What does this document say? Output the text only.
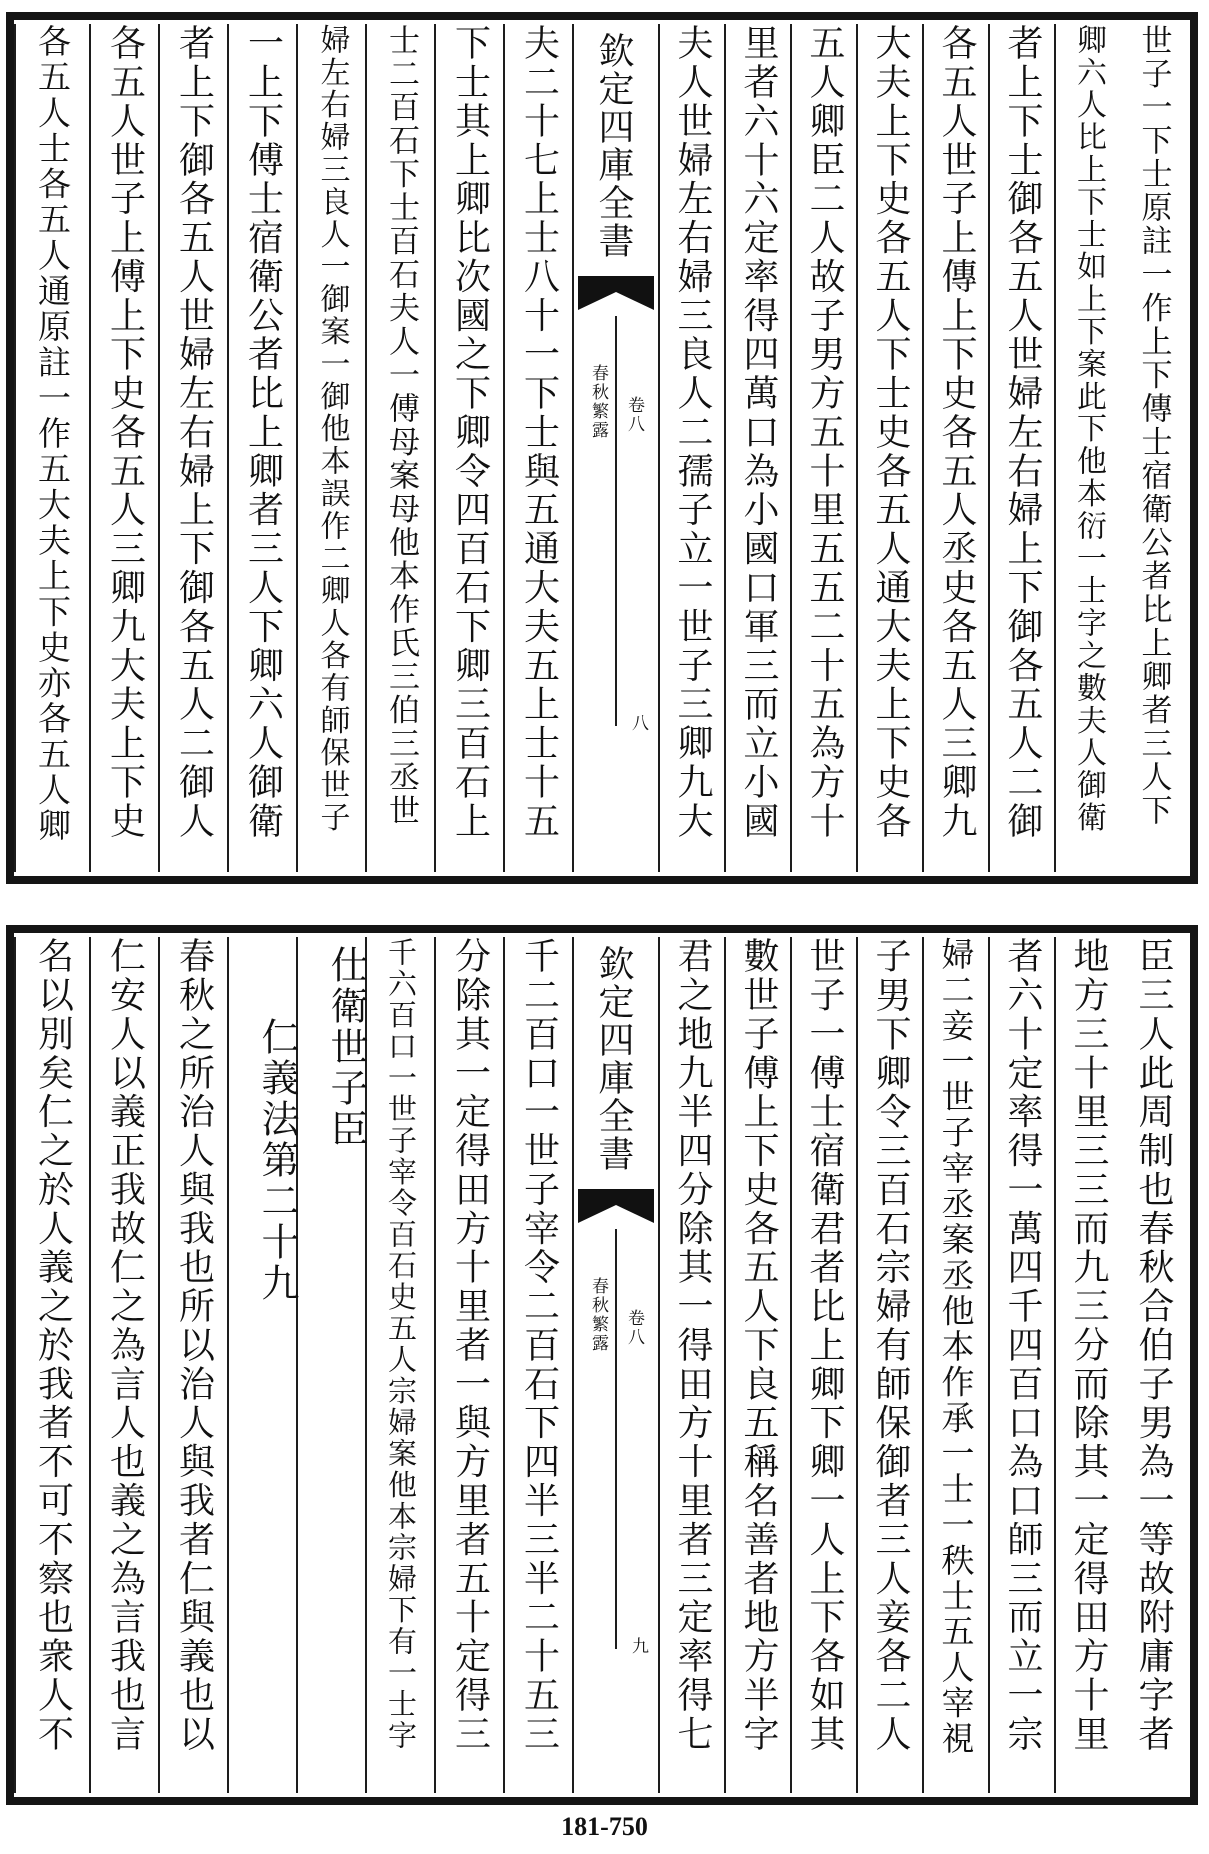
世子一下士原註一作上下傳士宿衛公者比上卿者三人下
卿六人比上下士如上下案此下他本衍一士字之數夫人御衛
者上下士御各五人世婦左右婦上下御各五人二御
各五人世子上傳上下史各五人丞史各五人三卿九
大夫上下史各五人下士史各五人通大夫上下史各
五人卿臣二人故子男方五十里五五二十五為方十
里者六十六定率得四萬口為小國口軍三而立小國
夫人世婦左右婦三良人二孺子立一世子三卿九大
欽定四庫全書
春秋繁露 卷八
八
夫二十七上士八十一下士與五通大夫五上士十五
下士其上卿比次國之下卿令四百石下卿三百石上
士二百石下士百石夫人一傅母案母他本作氏三伯三丞世
婦左右婦三良人一御案一御他本誤作二卿人各有師保世子
一上下傅士宿衛公者比上卿者三人下卿六人御衛
者上下御各五人世婦左右婦上下御各五人二御人
各五人世子上傅上下史各五人三卿九大夫上下史
各五人士各五人通原註一作五大夫上下史亦各五人卿
臣三人此周制也春秋合伯子男為一等故附庸字者
地方三十里三三而九三分而除其一定得田方十里
者六十定率得一萬四千四百口為口師三而立一宗
婦二妾一世子宰丞案丞他本作承一士一秩士五人宰視
子男下卿令三百石宗婦有師保御者三人妾各二人
世子一傅士宿衛君者比上卿下卿一人上下各如其
數世子傅上下史各五人下良五稱名善者地方半字
君之地九半四分除其一得田方十里者三定率得七
欽定四庫全書
春秋繁露 卷八
九
千二百口一世子宰令二百石下四半三半二十五三
分除其一定得田方十里者一與方里者五十定得三
千六百口一世子宰令百石史五人宗婦案他本宗婦下有一士字
仕衛世子臣
仁義法第二十九
春秋之所治人與我也所以治人與我者仁與義也以
仁安人以義正我故仁之為言人也義之為言我也言
名以別矣仁之於人義之於我者不可不察也衆人不
181-750
